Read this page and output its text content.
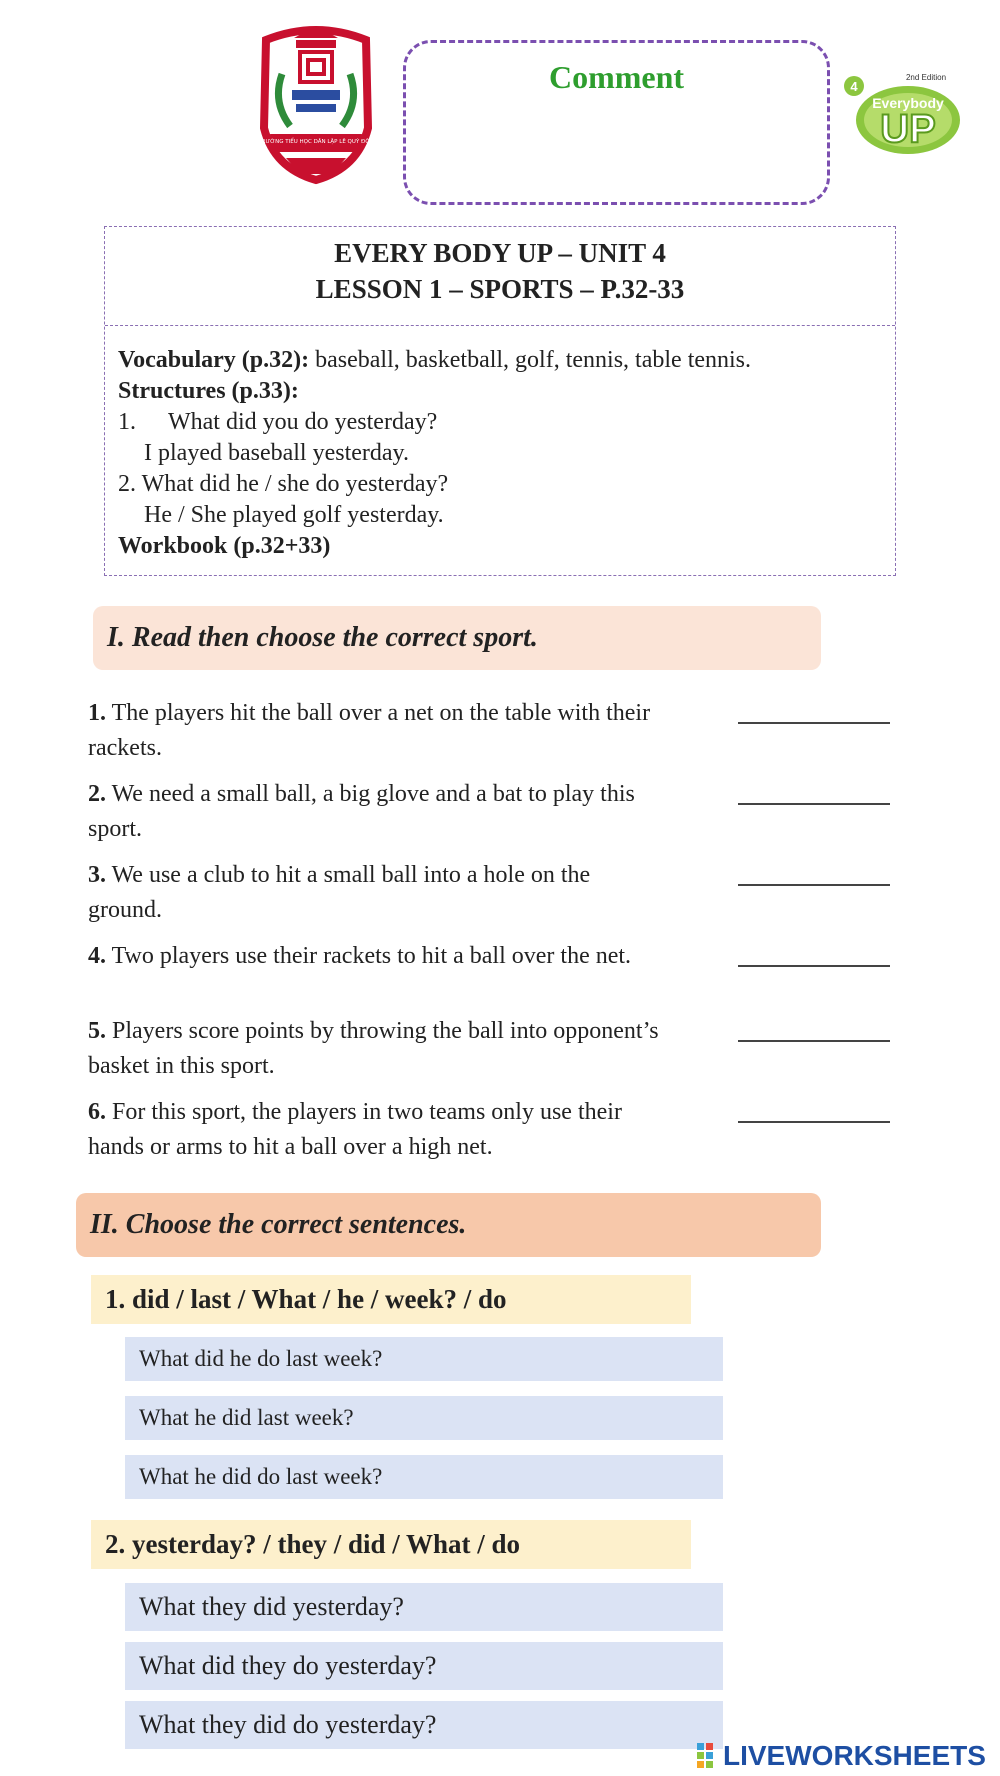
TRƯỜNG TIỂU HỌC DÂN LẬP LÊ QUÝ ĐÔN
Comment
UP
Everybody
4
2nd Edition
EVERY BODY UP – UNIT 4
LESSON 1 – SPORTS – P.32-33
Vocabulary (p.32): baseball, basketball, golf, tennis, table tennis.
Structures (p.33):
1. What did you do yesterday?
I played baseball yesterday.
2. What did he / she do yesterday?
He / She played golf yesterday.
Workbook (p.32+33)
I. Read then choose the correct sport.
1. The players hit the ball over a net on the table with their
rackets.
2. We need a small ball, a big glove and a bat to play this
sport.
3. We use a club to hit a small ball into a hole on the
ground.
4. Two players use their rackets to hit a ball over the net.
5. Players score points by throwing the ball into opponent’s
basket in this sport.
6. For this sport, the players in two teams only use their
hands or arms to hit a ball over a high net.
II. Choose the correct sentences.
1. did / last / What / he / week? / do
What did he do last week?
What he did last week?
What he did do last week?
2. yesterday? / they / did / What / do
What they did yesterday?
What did they do yesterday?
What they did do yesterday?
LIVEWORKSHEETS
